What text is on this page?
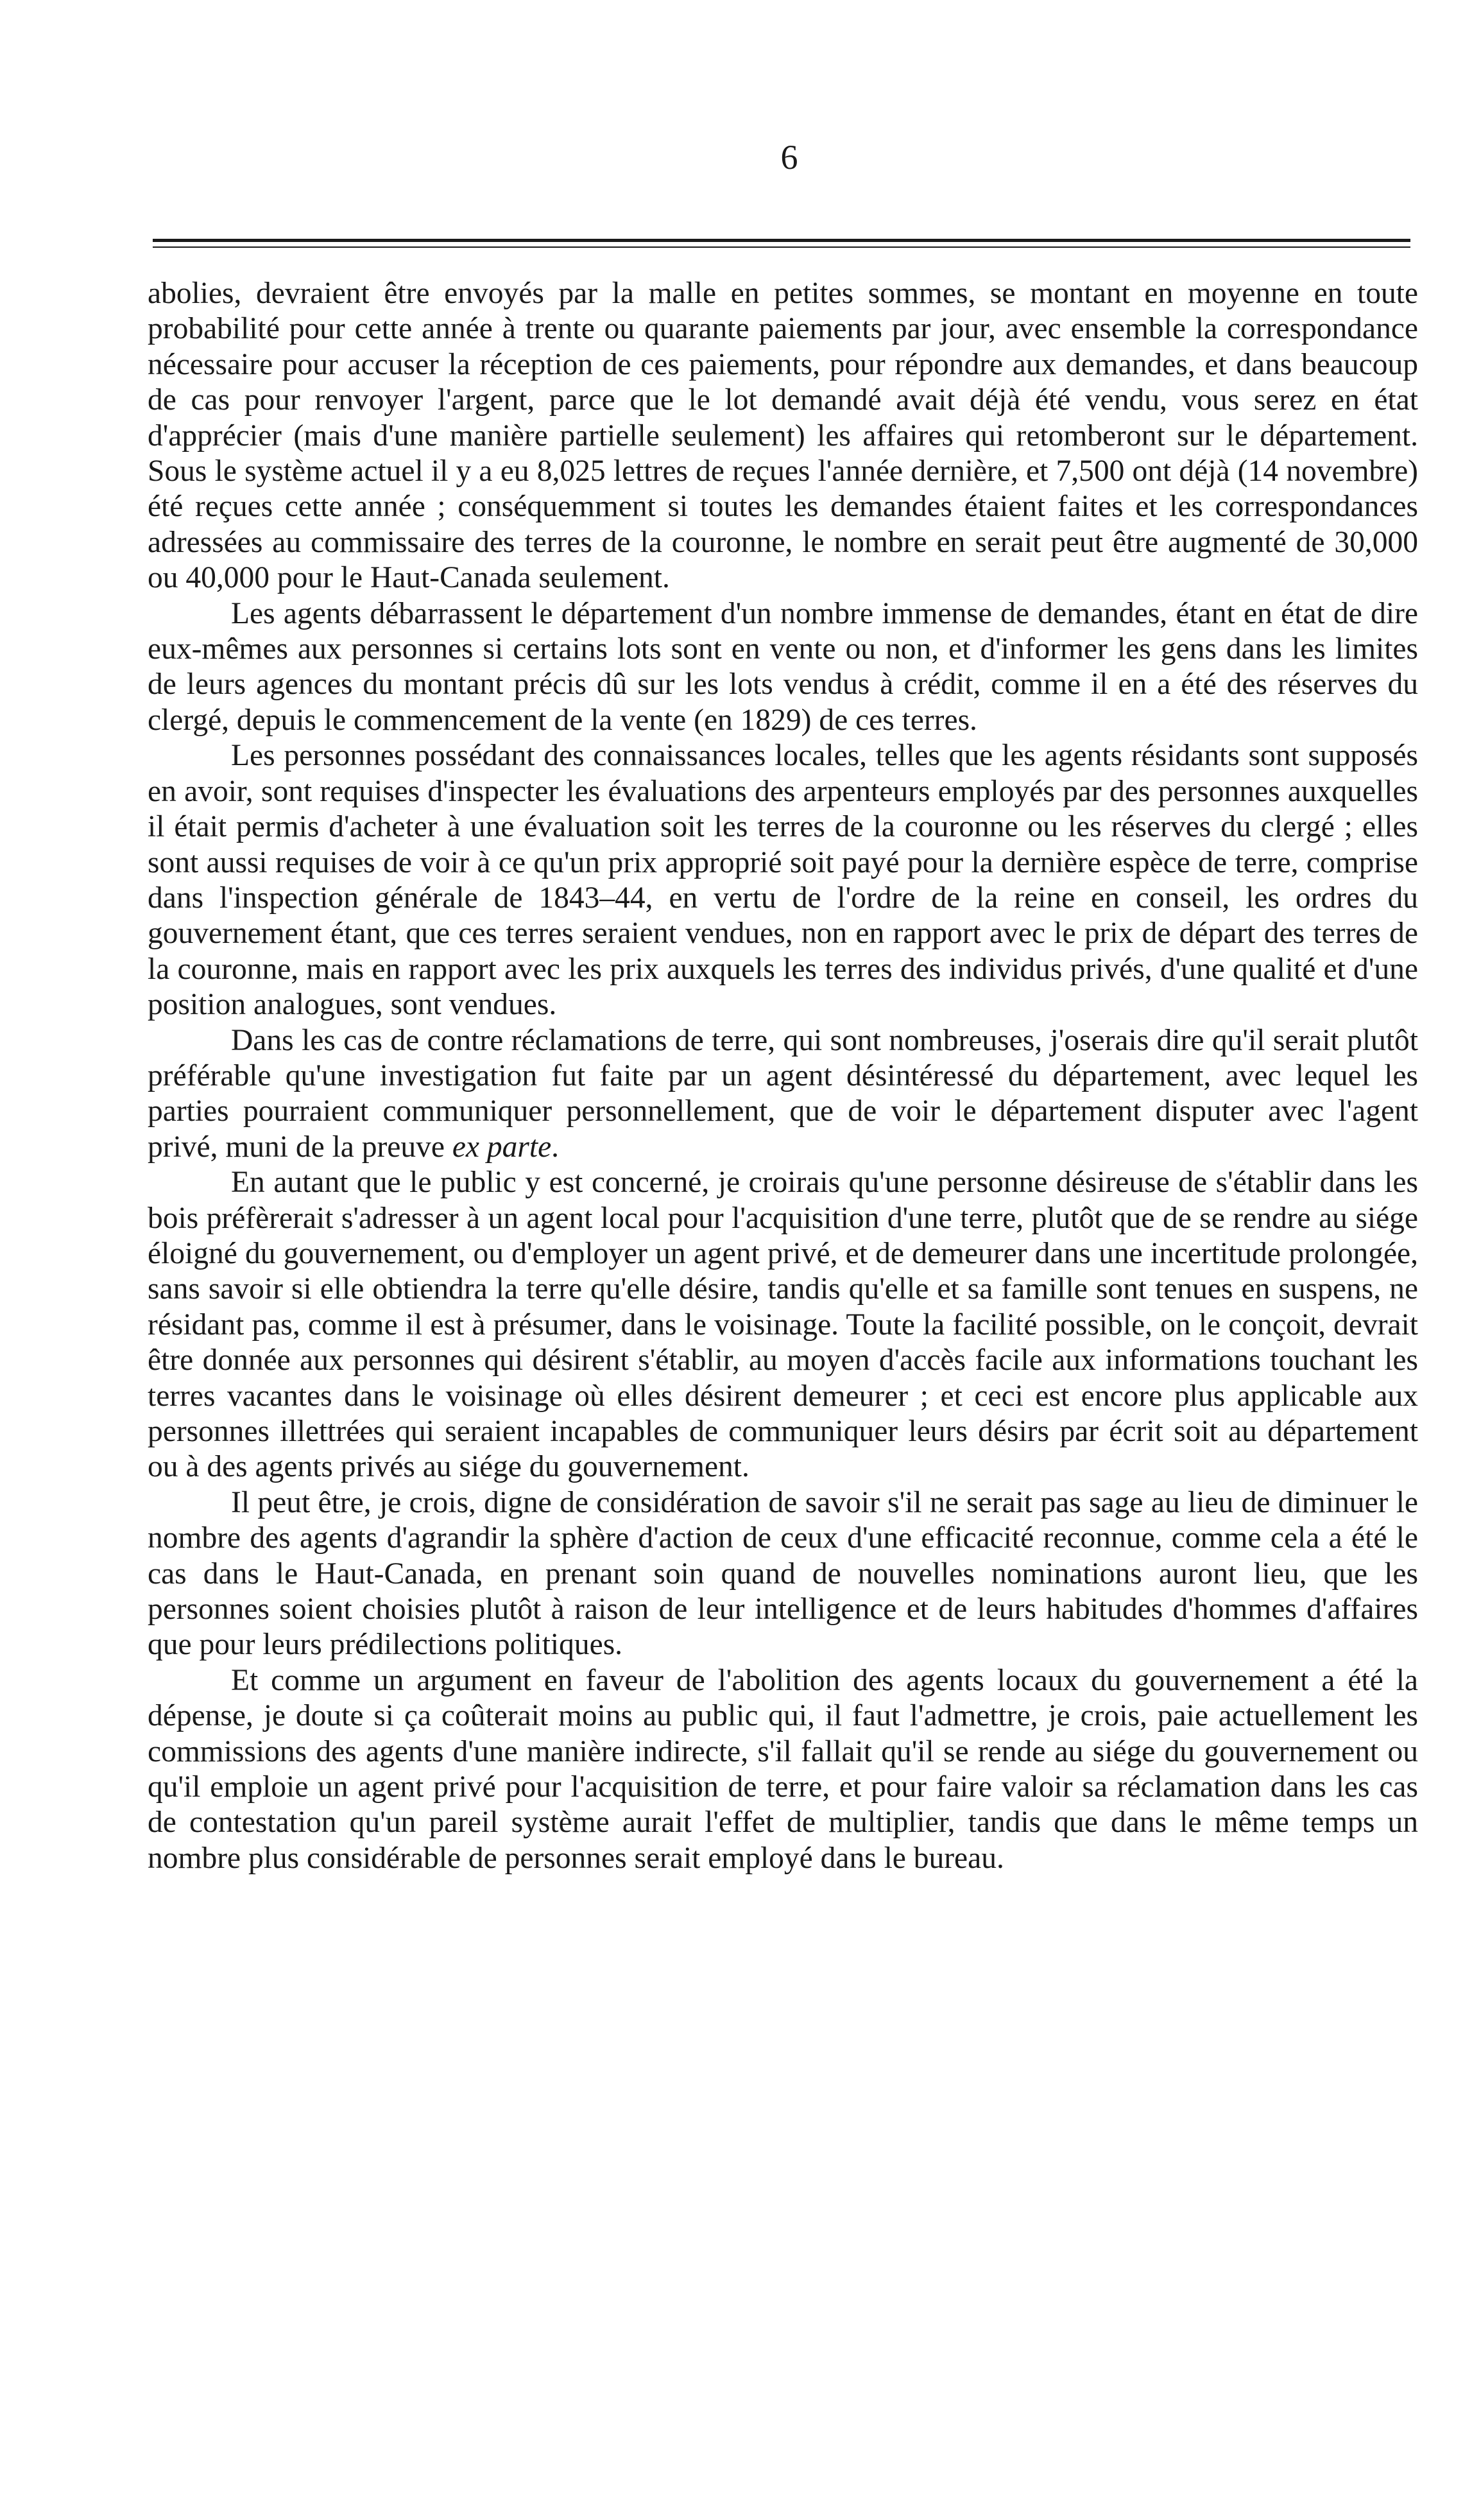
6

abolies, devraient être envoyés par la malle en petites sommes, se montant en moyenne en toute probabilité pour cette année à trente ou quarante paiements par jour, avec ensemble la correspondance nécessaire pour accuser la réception de ces paiements, pour répondre aux demandes, et dans beaucoup de cas pour renvoyer l'argent, parce que le lot demandé avait déjà été vendu, vous serez en état d'apprécier (mais d'une manière partielle seulement) les affaires qui retomberont sur le département. Sous le système actuel il y a eu 8,025 lettres de reçues l'année dernière, et 7,500 ont déjà (14 novembre) été reçues cette année ; conséquemment si toutes les demandes étaient faites et les correspondances adressées au commissaire des terres de la couronne, le nombre en serait peut être augmenté de 30,000 ou 40,000 pour le Haut-Canada seulement.

Les agents débarrassent le département d'un nombre immense de demandes, étant en état de dire eux-mêmes aux personnes si certains lots sont en vente ou non, et d'informer les gens dans les limites de leurs agences du montant précis dû sur les lots vendus à crédit, comme il en a été des réserves du clergé, depuis le commencement de la vente (en 1829) de ces terres.

Les personnes possédant des connaissances locales, telles que les agents résidants sont supposés en avoir, sont requises d'inspecter les évaluations des arpenteurs employés par des personnes auxquelles il était permis d'acheter à une évaluation soit les terres de la couronne ou les réserves du clergé ; elles sont aussi requises de voir à ce qu'un prix approprié soit payé pour la dernière espèce de terre, comprise dans l'inspection générale de 1843–44, en vertu de l'ordre de la reine en conseil, les ordres du gouvernement étant, que ces terres seraient vendues, non en rapport avec le prix de départ des terres de la couronne, mais en rapport avec les prix auxquels les terres des individus privés, d'une qualité et d'une position analogues, sont vendues.

Dans les cas de contre réclamations de terre, qui sont nombreuses, j'oserais dire qu'il serait plutôt préférable qu'une investigation fut faite par un agent désintéressé du département, avec lequel les parties pourraient communiquer personnellement, que de voir le département disputer avec l'agent privé, muni de la preuve ex parte.

En autant que le public y est concerné, je croirais qu'une personne désireuse de s'établir dans les bois préfèrerait s'adresser à un agent local pour l'acquisition d'une terre, plutôt que de se rendre au siége éloigné du gouvernement, ou d'employer un agent privé, et de demeurer dans une incertitude prolongée, sans savoir si elle obtiendra la terre qu'elle désire, tandis qu'elle et sa famille sont tenues en suspens, ne résidant pas, comme il est à présumer, dans le voisinage. Toute la facilité possible, on le conçoit, devrait être donnée aux personnes qui désirent s'établir, au moyen d'accès facile aux informations touchant les terres vacantes dans le voisinage où elles désirent demeurer ; et ceci est encore plus applicable aux personnes illettrées qui seraient incapables de communiquer leurs désirs par écrit soit au département ou à des agents privés au siége du gouvernement.

Il peut être, je crois, digne de considération de savoir s'il ne serait pas sage au lieu de diminuer le nombre des agents d'agrandir la sphère d'action de ceux d'une efficacité reconnue, comme cela a été le cas dans le Haut-Canada, en prenant soin quand de nouvelles nominations auront lieu, que les personnes soient choisies plutôt à raison de leur intelligence et de leurs habitudes d'hommes d'affaires que pour leurs prédilections politiques.

Et comme un argument en faveur de l'abolition des agents locaux du gouvernement a été la dépense, je doute si ça coûterait moins au public qui, il faut l'admettre, je crois, paie actuellement les commissions des agents d'une manière indirecte, s'il fallait qu'il se rende au siége du gouvernement ou qu'il emploie un agent privé pour l'acquisition de terre, et pour faire valoir sa réclamation dans les cas de contestation qu'un pareil système aurait l'effet de multiplier, tandis que dans le même temps un nombre plus considérable de personnes serait employé dans le bureau.
